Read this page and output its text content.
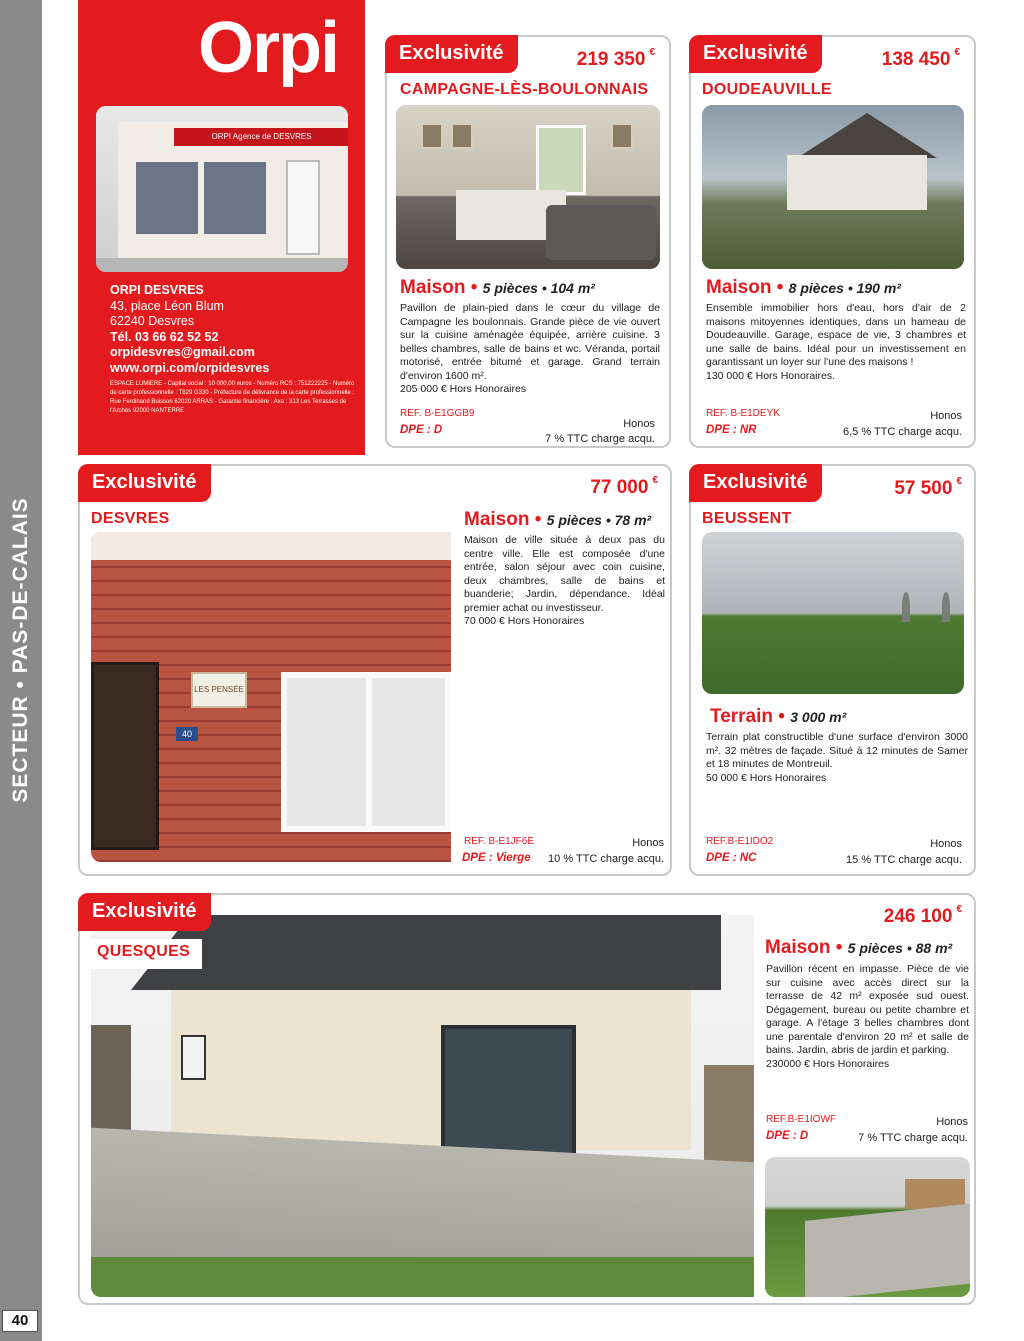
SECTEUR • PAS-DE-CALAIS
40
Orpi
ORPI Agence de DESVRES
ORPI DESVRES
43, place Léon Blum
62240 Desvres
Tél. 03 66 62 52 52
orpidesvres@gmail.com
www.orpi.com/orpidesvres
ESPACE LUMIERE - Capital social : 10 000,00 euros - Numéro RCS : 751222225 - Numéro de carte professionnelle : T829 G330 - Préfecture de délivrance de la carte professionnelle : Rue Ferdinand Buisson 62020 ARRAS - Garantie financière : Axa : 313 Les Terrasses de l'Arches 92000 NANTERRE
Exclusivité	219 350 €
CAMPAGNE-LÈS-BOULONNAIS
Maison • 5 pièces • 104 m²
Pavillon de plain-pied dans le cœur du village de Campagne les boulonnais. Grande pièce de vie ouvert sur la cuisine aménagée équipée, arrière cuisine. 3 belles chambres, salle de bains et wc. Véranda, portail motorisé, entrée bitumé et garage. Grand terrain d'environ 1600 m².
205 000 € Hors Honoraires
REF. B-E1GGB9
DPE : D	Honos
7 % TTC charge acqu.
Exclusivité	138 450 €
DOUDEAUVILLE
Maison • 8 pièces • 190 m²
Ensemble immobilier hors d'eau, hors d'air de 2 maisons mitoyennes identiques, dans un hameau de Doudeauville. Garage, espace de vie, 3 chambres et une salle de bains. Idéal pour un investissement en garantissant un loyer sur l'une des maisons !
130 000 € Hors Honoraires.
REF. B-E1DEYK
DPE : NR
Honos
6,5 % TTC charge acqu.
Exclusivité	77 000 €
DESVRES
LES PENSÉE
40
Maison • 5 pièces • 78 m²
Maison de ville située à deux pas du centre ville. Elle est composée d'une entrée, salon séjour avec coin cuisine, deux chambres, salle de bains et buanderie; Jardin, dépendance. Idéal premier achat ou investisseur.
70 000 € Hors Honoraires
REF. B-E1JF6E
DPE : Vierge
Honos
10 % TTC charge acqu.
Exclusivité	57 500 €
BEUSSENT
Terrain • 3 000 m²
Terrain plat constructible d'une surface d'environ 3000 m². 32 mètres de façade. Situé à 12 minutes de Samer et 18 minutes de Montreuil.
50 000 € Hors Honoraires
REF.B-E1IDO2
DPE : NC
Honos
15 % TTC charge acqu.
Exclusivité
QUESQUES
246 100 €
Maison • 5 pièces • 88 m²
Pavillon récent en impasse. Pièce de vie sur cuisine avec accès direct sur la terrasse de 42 m² exposée sud ouest. Dégagement, bureau ou petite chambre et garage. A l'étage 3 belles chambres dont une parentale d'environ 20 m² et salle de bains. Jardin, abris de jardin et parking.
230000 € Hors Honoraires
REF.B-E1IOWF
DPE : D
Honos
7 % TTC charge acqu.
